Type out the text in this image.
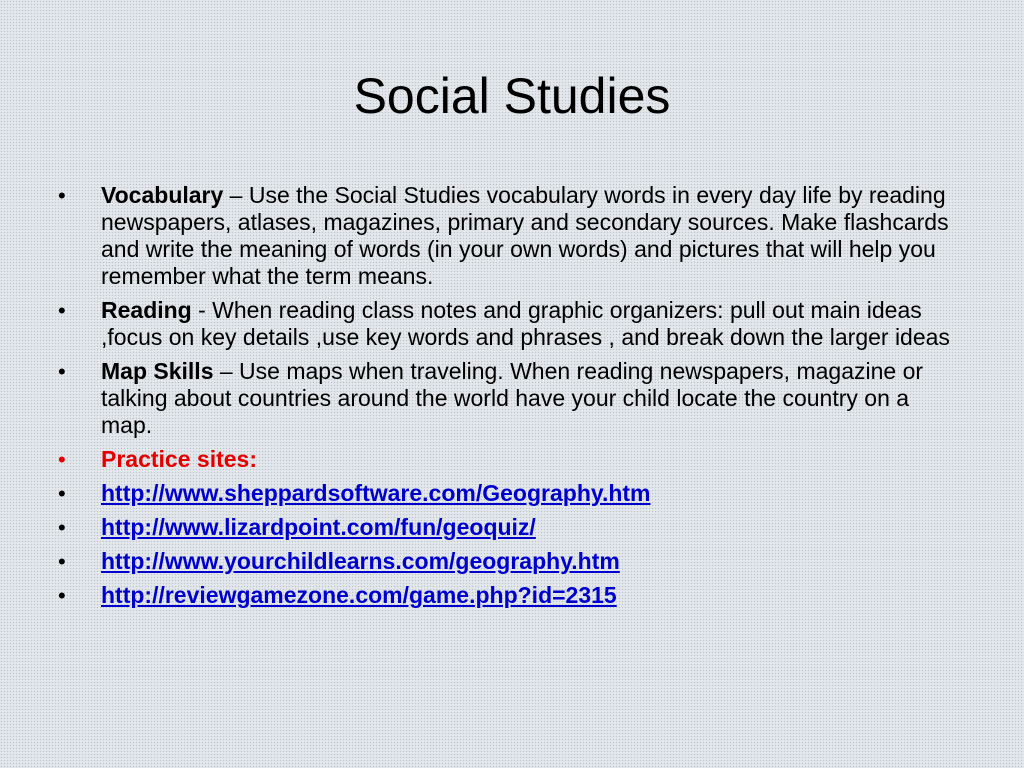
Social Studies
•	Vocabulary – Use the Social Studies vocabulary words in every day life by reading newspapers, atlases, magazines, primary and secondary sources. Make flashcards and write the meaning of words (in your own words) and pictures that will help you remember what the term means.
•	Reading - When reading class notes and graphic organizers: pull out main ideas ,focus on key details ,use key words and phrases , and break down the larger ideas
•	Map Skills – Use maps when traveling. When reading newspapers, magazine or talking about countries around the world have your child locate the country on a map.
•	Practice sites:
•	http://www.sheppardsoftware.com/Geography.htm
•	http://www.lizardpoint.com/fun/geoquiz/
•	http://www.yourchildlearns.com/geography.htm
•	http://reviewgamezone.com/game.php?id=2315
